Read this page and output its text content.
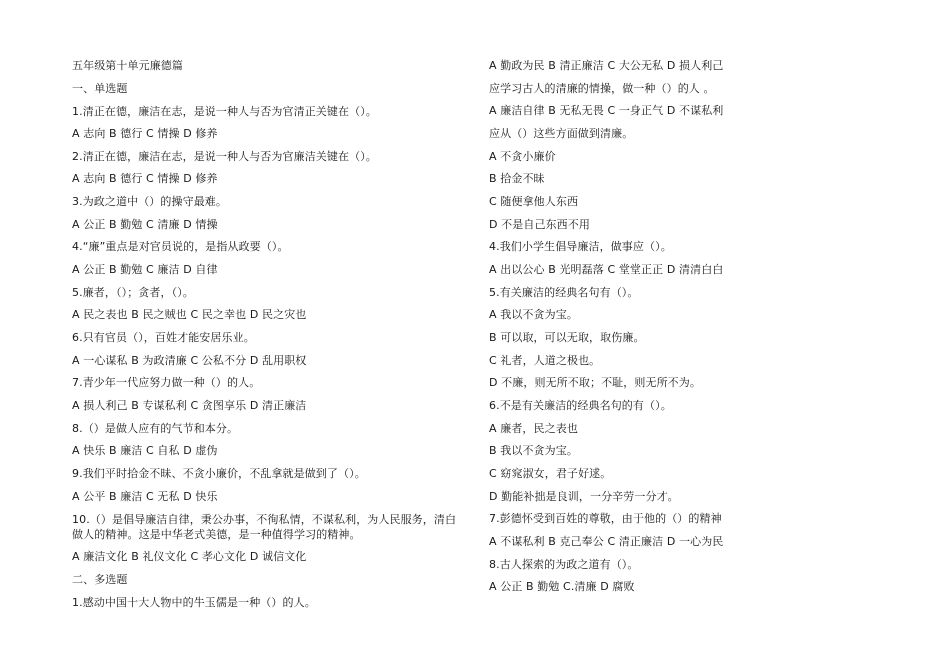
五年级第十单元廉德篇
一、单选题
1.清正在德，廉洁在志，是说一种人与否为官清正关键在（）。
A 志向 B 德行 C 情操 D 修养
2.清正在德，廉洁在志，是说一种人与否为官廉洁关键在（）。
A 志向 B 德行 C 情操 D 修养
3.为政之道中（）的操守最难。
A 公正 B 勤勉 C 清廉 D 情操
4.“廉”重点是对官员说的，是指从政要（）。
A 公正 B 勤勉 C 廉洁 D 自律
5.廉者，（）；贪者，（）。
A 民之表也 B 民之贼也 C 民之幸也 D 民之灾也
6.只有官员（），百姓才能安居乐业。
A 一心谋私 B 为政清廉 C 公私不分 D 乱用职权
7.青少年一代应努力做一种（）的人。
A 损人利己 B 专谋私利 C 贪图享乐 D 清正廉洁
8.（）是做人应有的气节和本分。
A 快乐 B 廉洁 C 自私 D 虚伪
9.我们平时拾金不昧、不贪小廉价，不乱拿就是做到了（）。
A 公平 B 廉洁 C 无私 D 快乐
10.（）是倡导廉洁自律，秉公办事，不徇私情，不谋私利，为人民服务，清白做人的精神。这是中华老式美德，是一种值得学习的精神。
A 廉洁文化 B 礼仪文化 C 孝心文化 D 诚信文化
二、多选题
1.感动中国十大人物中的牛玉儒是一种（）的人。
A 勤政为民 B 清正廉洁 C 大公无私 D 损人利己
应学习古人的清廉的情操，做一种（）的人 。
A 廉洁自律 B 无私无畏 C 一身正气 D 不谋私利
应从（）这些方面做到清廉。
A 不贪小廉价
B 拾金不昧
C 随便拿他人东西
D 不是自己东西不用
4.我们小学生倡导廉洁，做事应（）。
A 出以公心 B 光明磊落 C 堂堂正正 D 清清白白
5.有关廉洁的经典名句有（）。
A 我以不贪为宝。
B 可以取，可以无取，取伤廉。
C 礼者，人道之极也。
D 不廉，则无所不取；不耻，则无所不为。
6.不是有关廉洁的经典名句的有（）。
A 廉者，民之表也
B 我以不贪为宝。
C 窈窕淑女，君子好逑。
D 勤能补拙是良训，一分辛劳一分才。
7.彭德怀受到百姓的尊敬，由于他的（）的精神
A 不谋私利 B 克己奉公 C 清正廉洁 D 一心为民
8.古人探索的为政之道有（）。
A 公正 B 勤勉 C.清廉 D 腐败
